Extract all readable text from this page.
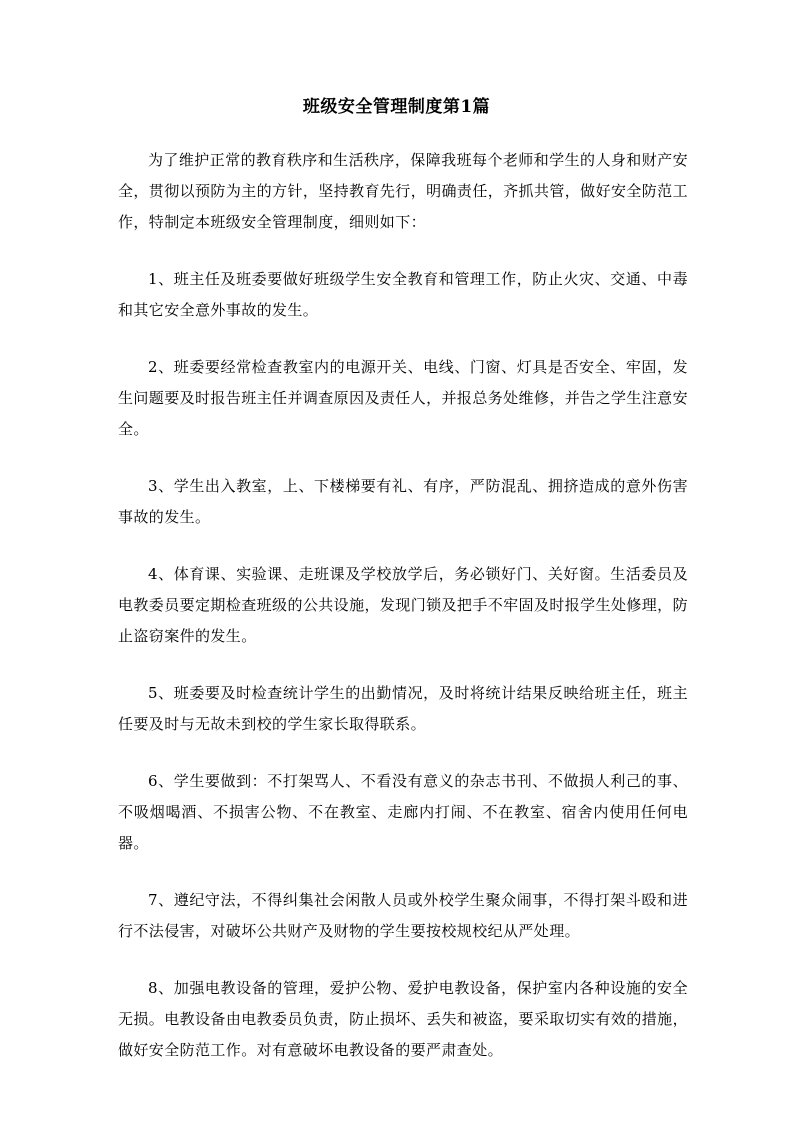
班级安全管理制度第1篇

为了维护正常的教育秩序和生活秩序，保障我班每个老师和学生的人身和财产安全，贯彻以预防为主的方针，坚持教育先行，明确责任，齐抓共管，做好安全防范工作，特制定本班级安全管理制度，细则如下：

1、班主任及班委要做好班级学生安全教育和管理工作，防止火灾、交通、中毒和其它安全意外事故的发生。

2、班委要经常检查教室内的电源开关、电线、门窗、灯具是否安全、牢固，发生问题要及时报告班主任并调查原因及责任人，并报总务处维修，并告之学生注意安全。

3、学生出入教室，上、下楼梯要有礼、有序，严防混乱、拥挤造成的意外伤害事故的发生。

4、体育课、实验课、走班课及学校放学后，务必锁好门、关好窗。生活委员及电教委员要定期检查班级的公共设施，发现门锁及把手不牢固及时报学生处修理，防止盗窃案件的发生。

5、班委要及时检查统计学生的出勤情况，及时将统计结果反映给班主任，班主任要及时与无故未到校的学生家长取得联系。

6、学生要做到：不打架骂人、不看没有意义的杂志书刊、不做损人利己的事、不吸烟喝酒、不损害公物、不在教室、走廊内打闹、不在教室、宿舍内使用任何电器。

7、遵纪守法，不得纠集社会闲散人员或外校学生聚众闹事，不得打架斗殴和进行不法侵害，对破坏公共财产及财物的学生要按校规校纪从严处理。

8、加强电教设备的管理，爱护公物、爱护电教设备，保护室内各种设施的安全无损。电教设备由电教委员负责，防止损坏、丢失和被盗，要采取切实有效的措施，做好安全防范工作。对有意破坏电教设备的要严肃查处。
